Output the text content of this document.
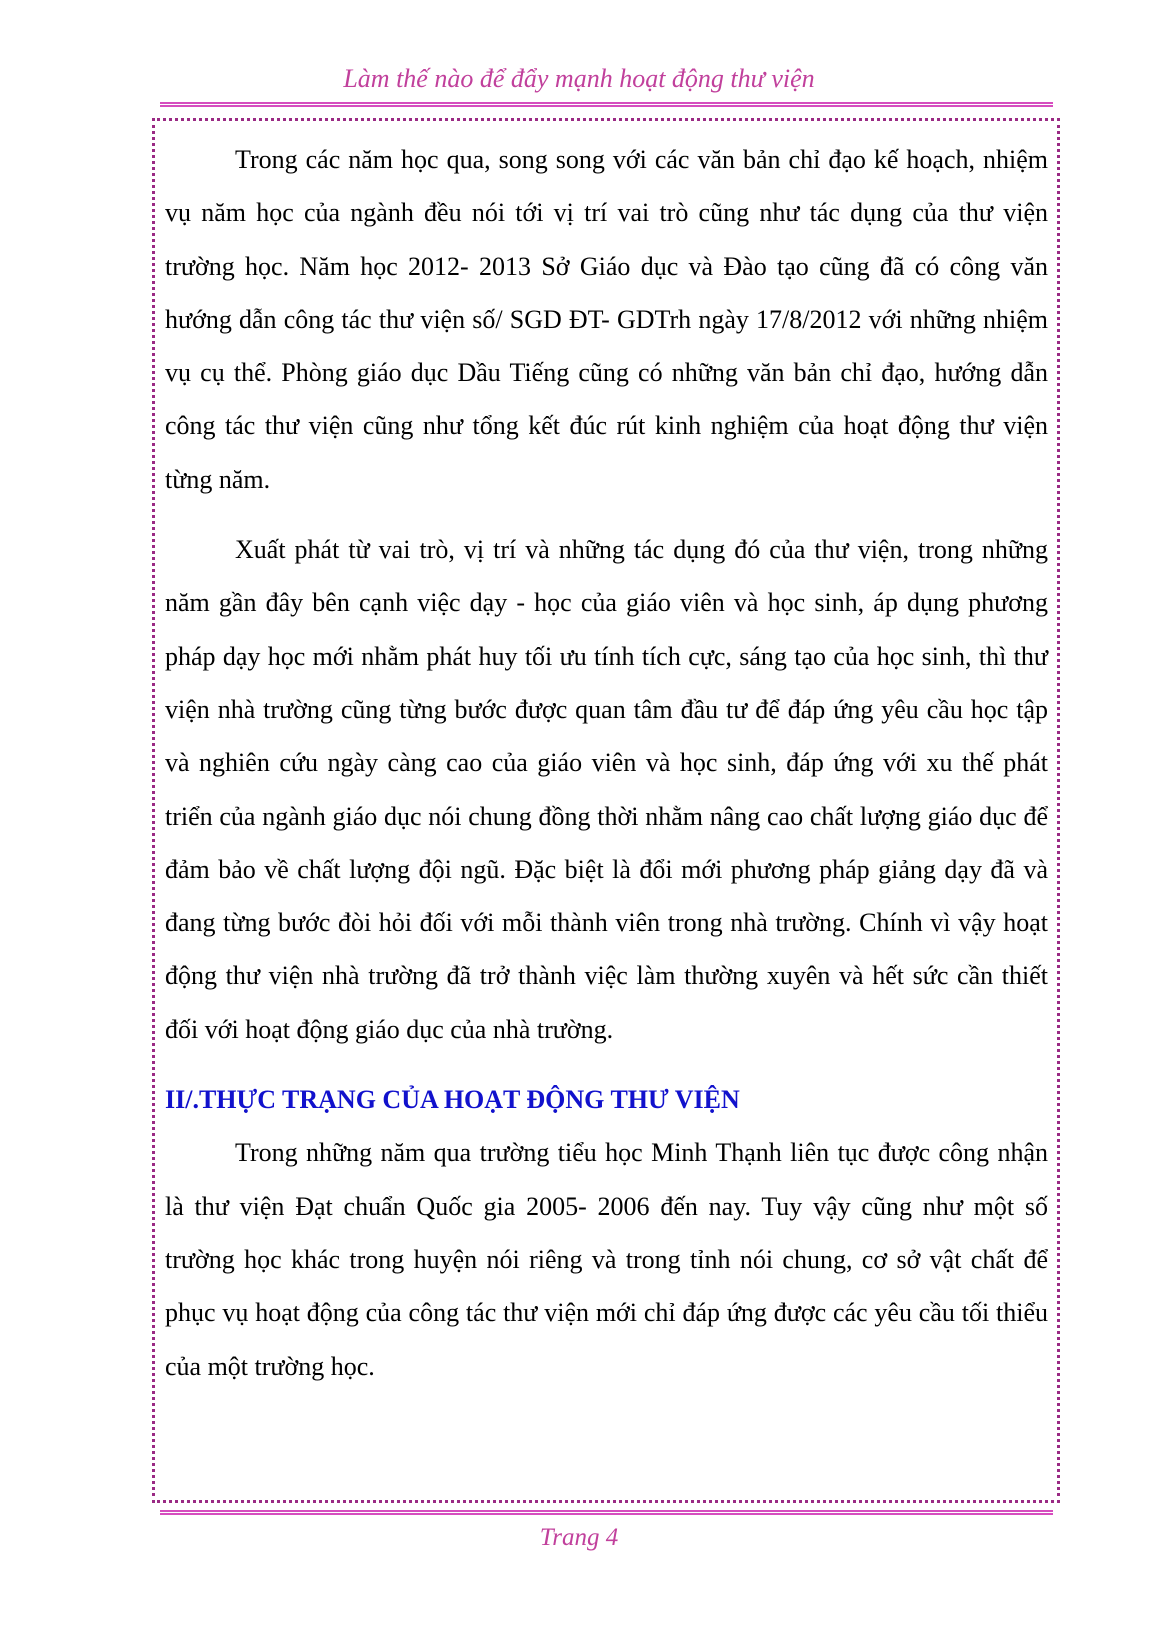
Làm thế nào để đẩy mạnh hoạt động thư viện

Trong các năm học qua, song song với các văn bản chỉ đạo kế hoạch, nhiệm vụ năm học của ngành đều nói tới vị trí vai trò cũng như tác dụng của thư viện trường học. Năm học 2012- 2013 Sở Giáo dục và Đào tạo cũng đã có công văn hướng dẫn công tác thư viện số/ SGD ĐT- GDTrh ngày 17/8/2012 với những nhiệm vụ cụ thể. Phòng giáo dục Dầu Tiếng cũng có những văn bản chỉ đạo, hướng dẫn công tác thư viện cũng như tổng kết đúc rút kinh nghiệm của hoạt động thư viện từng năm.

Xuất phát từ vai trò, vị trí và những tác dụng đó của thư viện, trong những năm gần đây bên cạnh việc dạy - học của giáo viên và học sinh, áp dụng phương pháp dạy học mới nhằm phát huy tối ưu tính tích cực, sáng tạo của học sinh, thì thư viện nhà trường cũng từng bước được quan tâm đầu tư để đáp ứng yêu cầu học tập và nghiên cứu ngày càng cao của giáo viên và học sinh, đáp ứng với xu thế phát triển của ngành giáo dục nói chung đồng thời nhằm nâng cao chất lượng giáo dục để đảm bảo về chất lượng đội ngũ. Đặc biệt là đổi mới phương pháp giảng dạy đã và đang từng bước đòi hỏi đối với mỗi thành viên trong nhà trường. Chính vì vậy hoạt động thư viện nhà trường đã trở thành việc làm thường xuyên và hết sức cần thiết đối với hoạt động giáo dục của nhà trường.

II/.THỰC TRẠNG CỦA HOẠT ĐỘNG THƯ VIỆN

Trong những năm qua trường tiểu học Minh Thạnh liên tục được công nhận là thư viện Đạt chuẩn Quốc gia 2005- 2006 đến nay. Tuy vậy cũng như một số trường học khác trong huyện nói riêng và trong tỉnh nói chung, cơ sở vật chất để phục vụ hoạt động của công tác thư viện mới chỉ đáp ứng được các yêu cầu tối thiểu của một trường học.

Trang 4
